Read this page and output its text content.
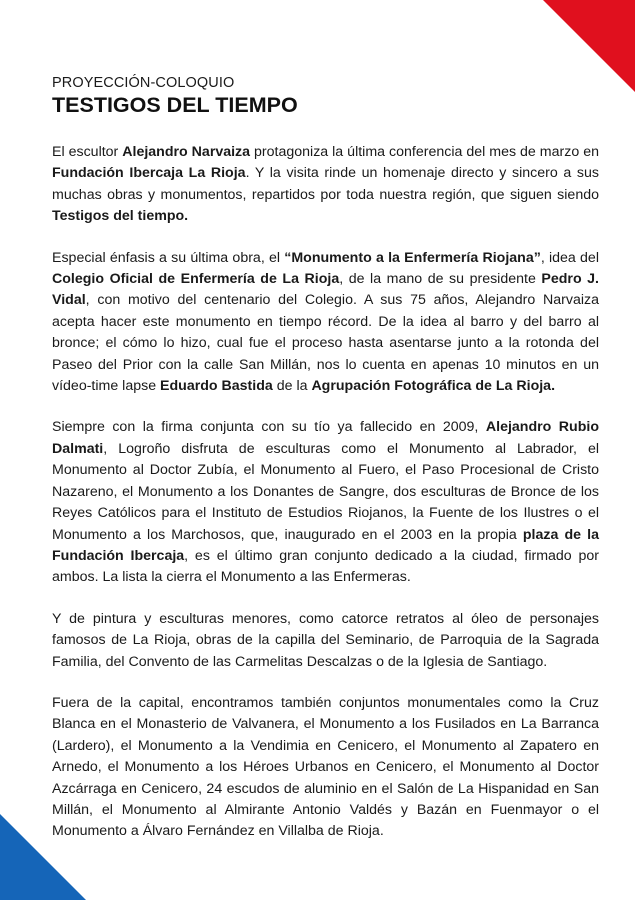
PROYECCIÓN-COLOQUIO
TESTIGOS DEL TIEMPO

El escultor Alejandro Narvaiza protagoniza la última conferencia del mes de marzo en Fundación Ibercaja La Rioja. Y la visita rinde un homenaje directo y sincero a sus muchas obras y monumentos, repartidos por toda nuestra región, que siguen siendo Testigos del tiempo.

Especial énfasis a su última obra, el “Monumento a la Enfermería Riojana”, idea del Colegio Oficial de Enfermería de La Rioja, de la mano de su presidente Pedro J. Vidal, con motivo del centenario del Colegio. A sus 75 años, Alejandro Narvaiza acepta hacer este monumento en tiempo récord. De la idea al barro y del barro al bronce; el cómo lo hizo, cual fue el proceso hasta asentarse junto a la rotonda del Paseo del Prior con la calle San Millán, nos lo cuenta en apenas 10 minutos en un vídeo-time lapse Eduardo Bastida de la Agrupación Fotográfica de La Rioja.

Siempre con la firma conjunta con su tío ya fallecido en 2009, Alejandro Rubio Dalmati, Logroño disfruta de esculturas como el Monumento al Labrador, el Monumento al Doctor Zubía, el Monumento al Fuero, el Paso Procesional de Cristo Nazareno, el Monumento a los Donantes de Sangre, dos esculturas de Bronce de los Reyes Católicos para el Instituto de Estudios Riojanos, la Fuente de los Ilustres o el Monumento a los Marchosos, que, inaugurado en el 2003 en la propia plaza de la Fundación Ibercaja, es el último gran conjunto dedicado a la ciudad, firmado por ambos. La lista la cierra el Monumento a las Enfermeras.

Y de pintura y esculturas menores, como catorce retratos al óleo de personajes famosos de La Rioja, obras de la capilla del Seminario, de Parroquia de la Sagrada Familia, del Convento de las Carmelitas Descalzas o de la Iglesia de Santiago.

Fuera de la capital, encontramos también conjuntos monumentales como la Cruz Blanca en el Monasterio de Valvanera, el Monumento a los Fusilados en La Barranca (Lardero), el Monumento a la Vendimia en Cenicero, el Monumento al Zapatero en Arnedo, el Monumento a los Héroes Urbanos en Cenicero, el Monumento al Doctor Azcárraga en Cenicero, 24 escudos de aluminio en el Salón de La Hispanidad en San Millán, el Monumento al Almirante Antonio Valdés y Bazán en Fuenmayor o el Monumento a Álvaro Fernández en Villalba de Rioja.
